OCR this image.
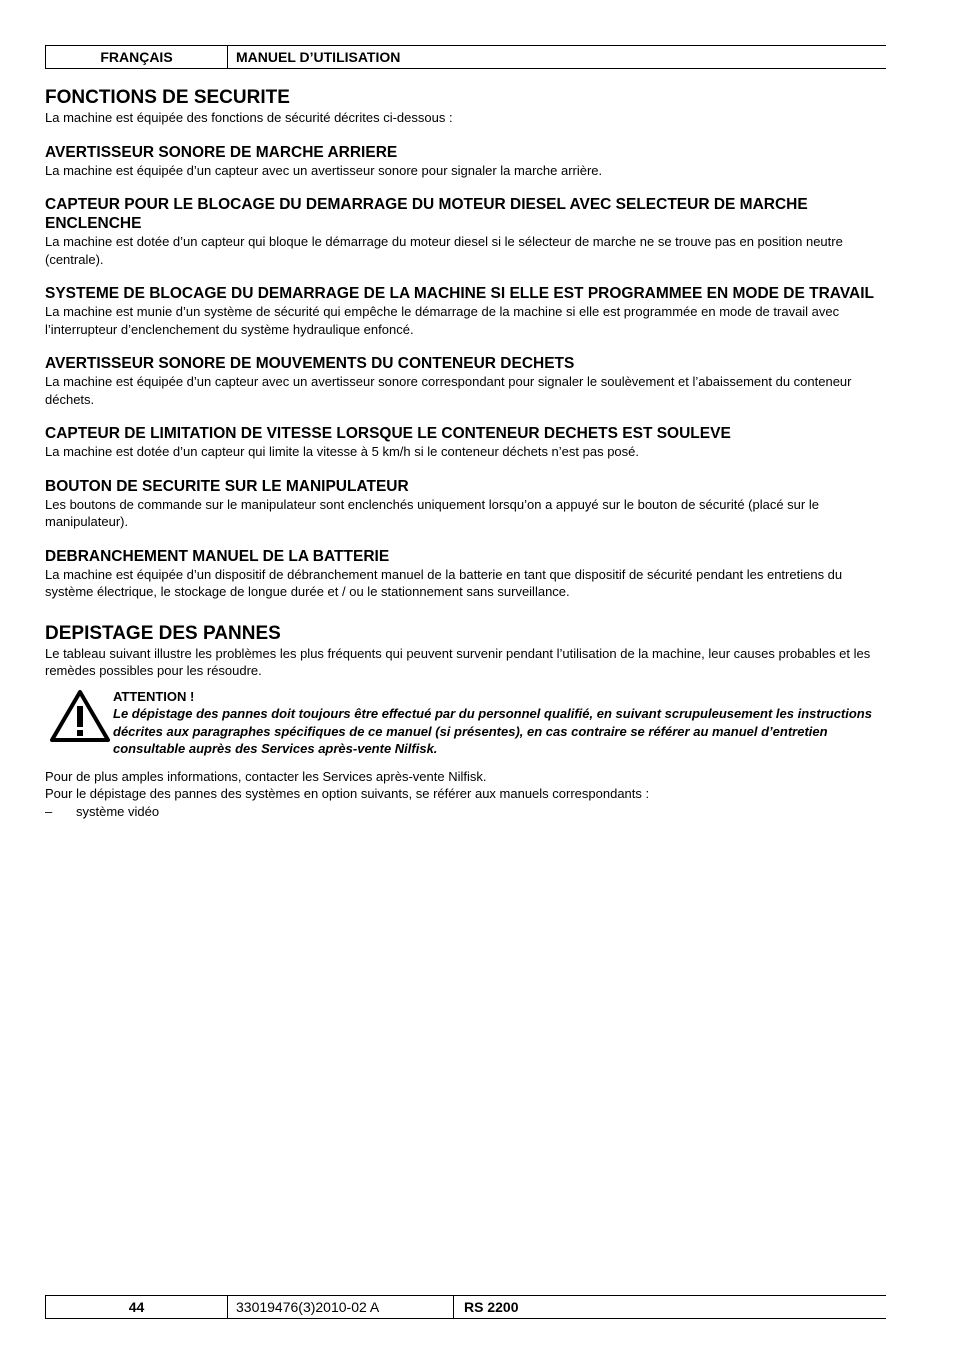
FRANÇAIS	MANUEL D’UTILISATION
FONCTIONS DE SECURITE

La machine est équipée des fonctions de sécurité décrites ci-dessous :

AVERTISSEUR SONORE DE MARCHE ARRIERE

La machine est équipée d’un capteur avec un avertisseur sonore pour signaler la marche arrière.

CAPTEUR POUR LE BLOCAGE DU DEMARRAGE DU MOTEUR DIESEL AVEC SELECTEUR DE MARCHE ENCLENCHE

La machine est dotée d’un capteur qui bloque le démarrage du moteur diesel si le sélecteur de marche ne se trouve pas en position neutre (centrale).

SYSTEME DE BLOCAGE DU DEMARRAGE DE LA MACHINE SI ELLE EST PROGRAMMEE EN MODE DE TRAVAIL

La machine est munie d’un système de sécurité qui empêche le démarrage de la machine si elle est programmée en mode de travail avec l’interrupteur d’enclenchement du système hydraulique enfoncé.

AVERTISSEUR SONORE DE MOUVEMENTS DU CONTENEUR DECHETS

La machine est équipée d’un capteur avec un avertisseur sonore correspondant pour signaler le soulèvement et l’abaissement du conteneur déchets.

CAPTEUR DE LIMITATION DE VITESSE LORSQUE LE CONTENEUR DECHETS EST SOULEVE

La machine est dotée d’un capteur qui limite la vitesse à 5 km/h si le conteneur déchets n’est pas posé.

BOUTON DE SECURITE SUR LE MANIPULATEUR

Les boutons de commande sur le manipulateur sont enclenchés uniquement lorsqu’on a appuyé sur le bouton de sécurité (placé sur le manipulateur).

DEBRANCHEMENT MANUEL DE LA BATTERIE

La machine est équipée d’un dispositif de débranchement manuel de la batterie en tant que dispositif de sécurité pendant les entretiens du système électrique, le stockage de longue durée et / ou le stationnement sans surveillance.

DEPISTAGE DES PANNES

Le tableau suivant illustre les problèmes les plus fréquents qui peuvent survenir pendant l’utilisation de la machine, leur causes probables et les remèdes possibles pour les résoudre.

ATTENTION !

Le dépistage des pannes doit toujours être effectué par du personnel qualifié, en suivant scrupuleusement les instructions décrites aux paragraphes spécifiques de ce manuel (si présentes), en cas contraire se référer au manuel d’entretien consultable auprès des Services après-vente Nilfisk.

Pour de plus amples informations, contacter les Services après-vente Nilfisk.

Pour le dépistage des pannes des systèmes en option suivants, se référer aux manuels correspondants :

– système vidéo
44	33019476(3)2010-02 A	RS 2200
